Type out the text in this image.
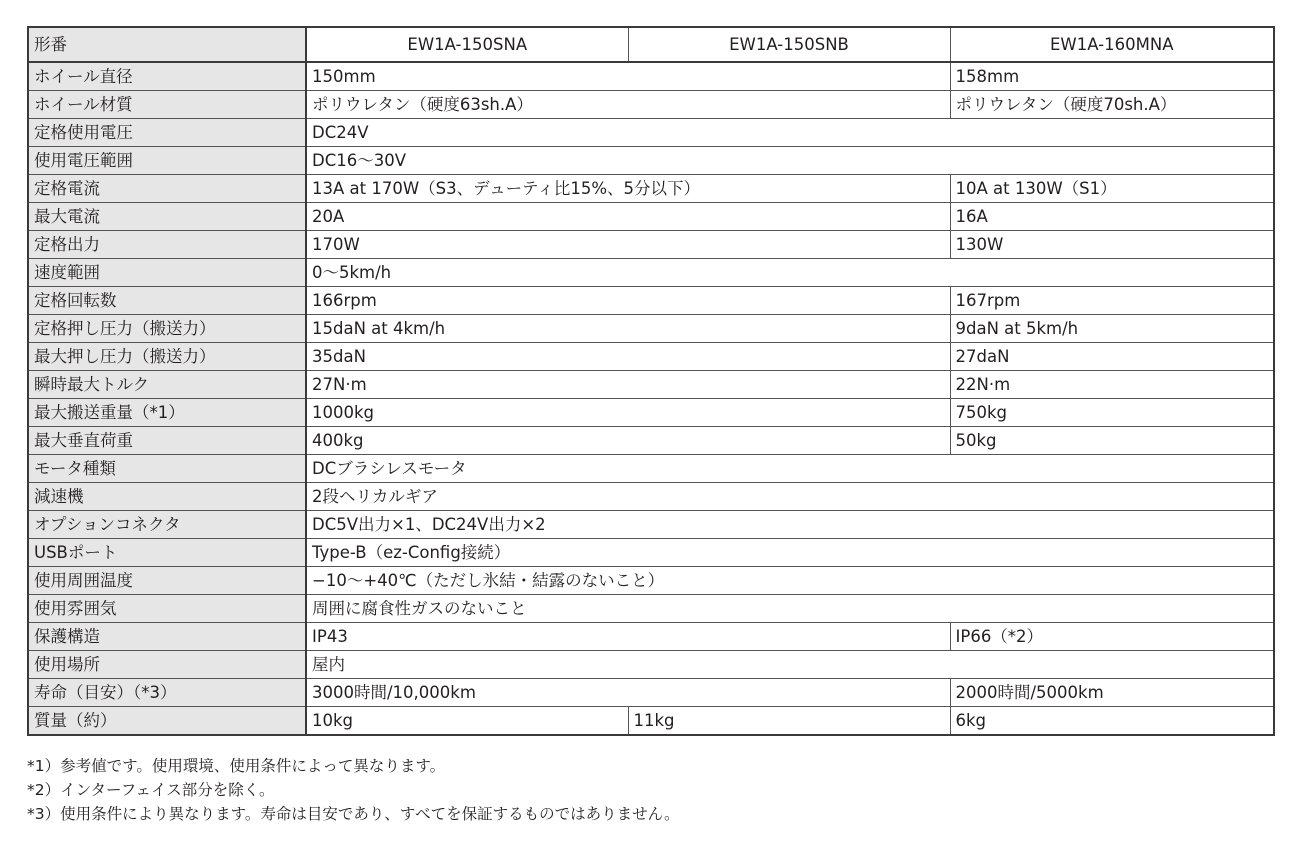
形番	EW1A-150SNA	EW1A-150SNB	EW1A-160MNA
ホイール直径	150mm		158mm
ホイール材質	ポリウレタン（硬度63sh.A）		ポリウレタン（硬度70sh.A）
定格使用電圧	DC24V		
使用電圧範囲	DC16～30V		
定格電流	13A at 170W（S3、デューティ比15%、5分以下）		10A at 130W（S1）
最大電流	20A		16A
定格出力	170W		130W
速度範囲	0～5km/h		
定格回転数	166rpm		167rpm
定格押し圧力（搬送力）	15daN at 4km/h		9daN at 5km/h
最大押し圧力（搬送力）	35daN		27daN
瞬時最大トルク	27N·m		22N·m
最大搬送重量（*1）	1000kg		750kg
最大垂直荷重	400kg		50kg
モータ種類	DCブラシレスモータ		
減速機	2段ヘリカルギア		
オプションコネクタ	DC5V出力×1、DC24V出力×2		
USBポート	Type-B（ez-Config接続）		
使用周囲温度	−10～+40℃（ただし氷結・結露のないこと）		
使用雰囲気	周囲に腐食性ガスのないこと		
保護構造	IP43		IP66（*2）
使用場所	屋内		
寿命（目安）（*3）	3000時間/10,000km		2000時間/5000km
質量（約）	10kg	11kg	6kg
*1）参考値です。使用環境、使用条件によって異なります。
*2）インターフェイス部分を除く。
*3）使用条件により異なります。寿命は目安であり、すべてを保証するものではありません。
